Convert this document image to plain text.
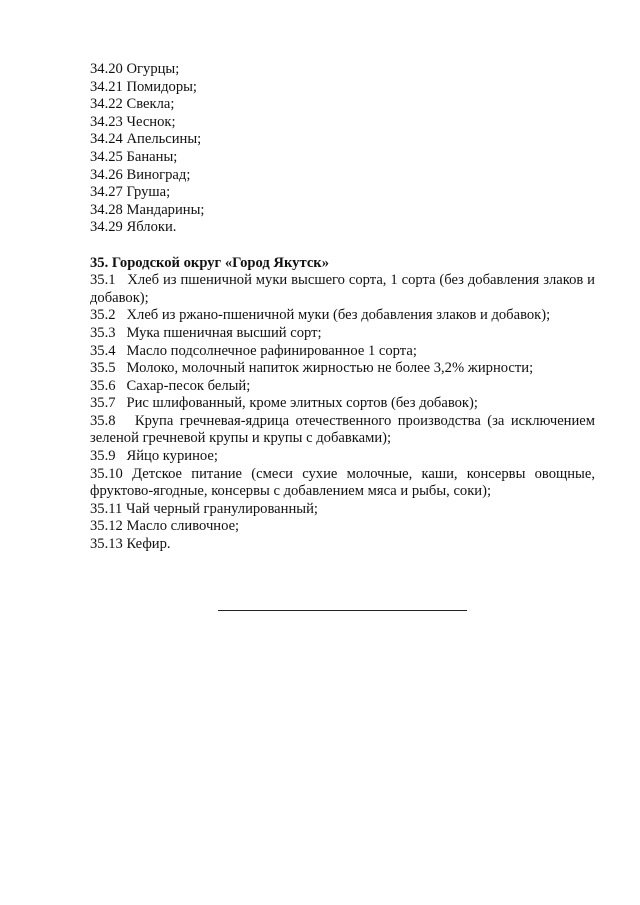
34.20 Огурцы;
34.21 Помидоры;
34.22 Свекла;
34.23 Чеснок;
34.24 Апельсины;
34.25 Бананы;
34.26 Виноград;
34.27 Груша;
34.28 Мандарины;
34.29 Яблоки.
35. Городской округ «Город Якутск»
35.1 Хлеб из пшеничной муки высшего сорта, 1 сорта (без добавления злаков и добавок);
35.2 Хлеб из ржано-пшеничной муки (без добавления злаков и добавок);
35.3 Мука пшеничная высший сорт;
35.4 Масло подсолнечное рафинированное 1 сорта;
35.5 Молоко, молочный напиток жирностью не более 3,2% жирности;
35.6 Сахар-песок белый;
35.7 Рис шлифованный, кроме элитных сортов (без добавок);
35.8 Крупа гречневая-ядрица отечественного производства (за исключением зеленой гречневой крупы и крупы с добавками);
35.9 Яйцо куриное;
35.10 Детское питание (смеси сухие молочные, каши, консервы овощные, фруктово-ягодные, консервы с добавлением мяса и рыбы, соки);
35.11 Чай черный гранулированный;
35.12 Масло сливочное;
35.13 Кефир.
